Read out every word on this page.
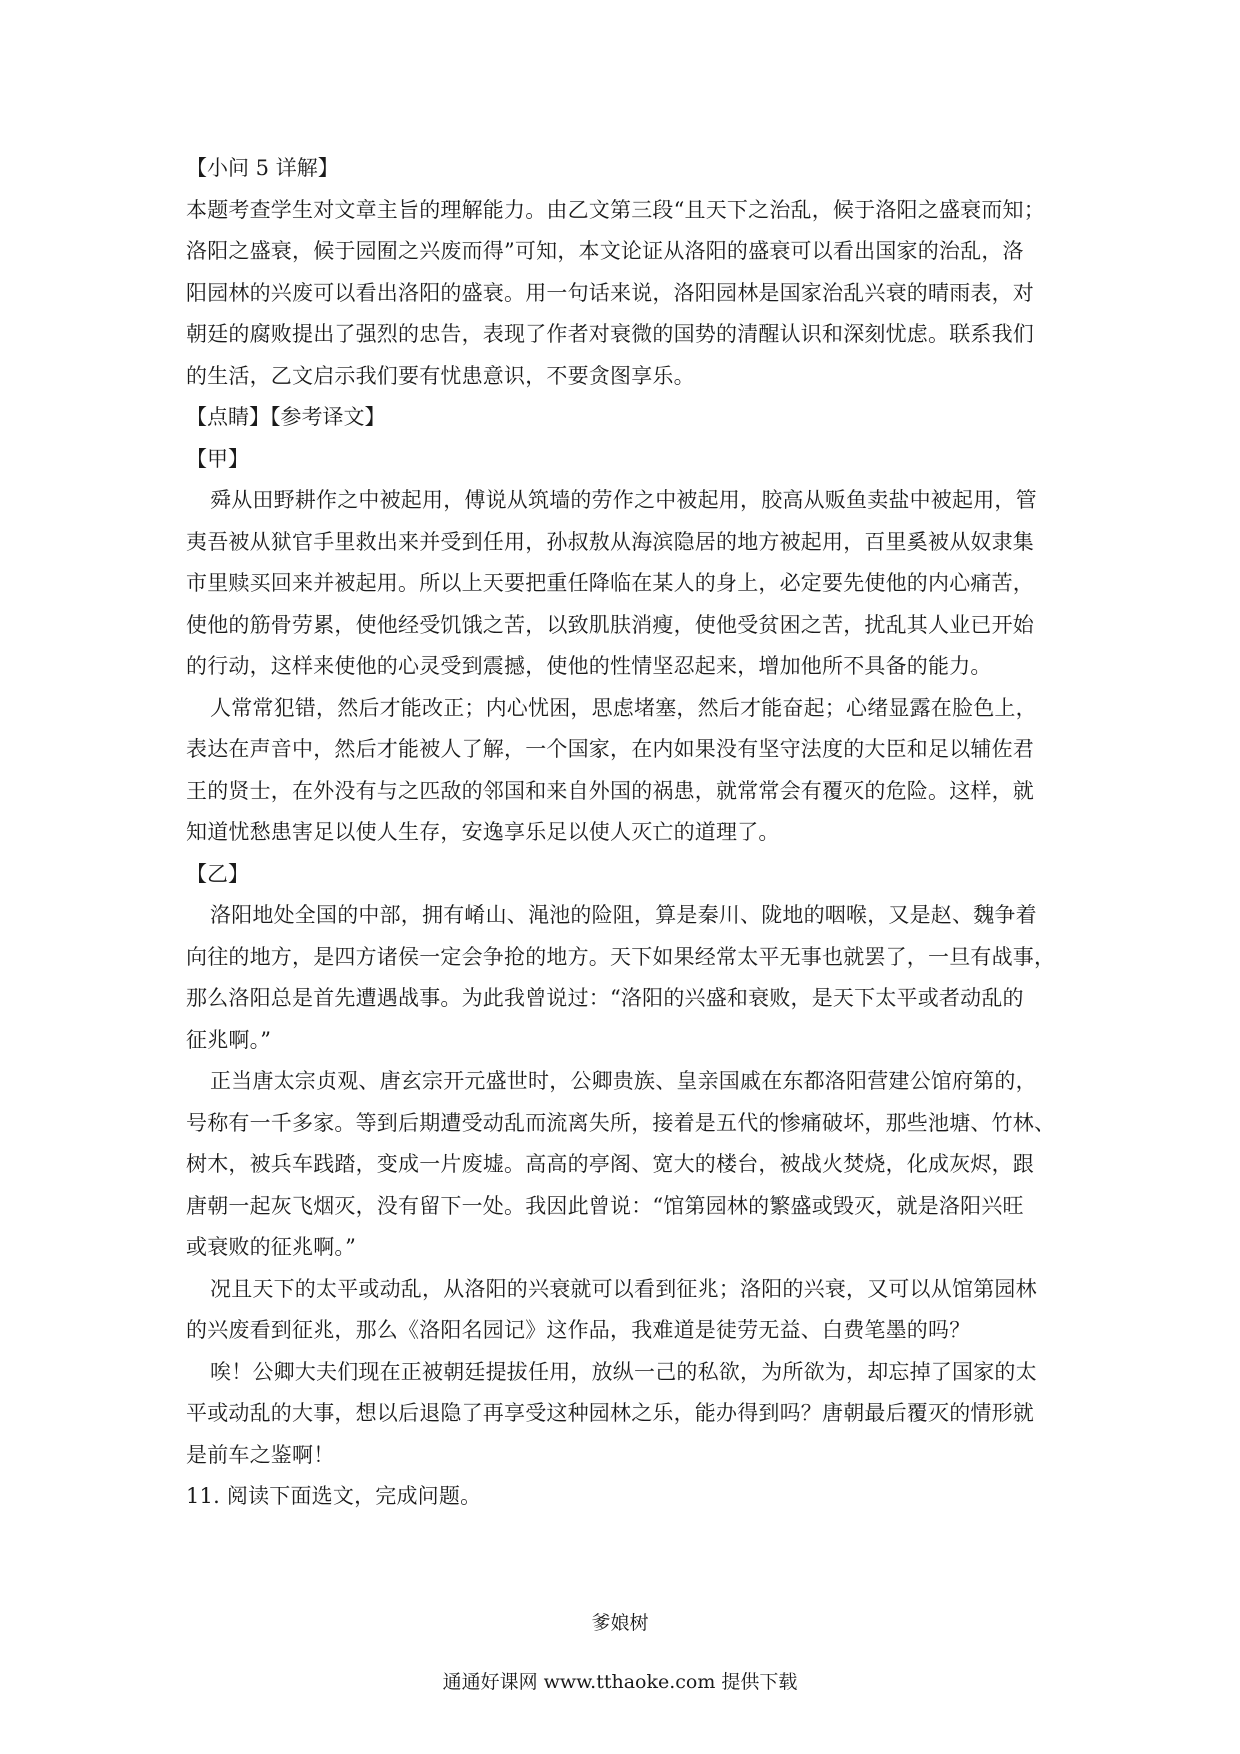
【小问 5 详解】
本题考查学生对文章主旨的理解能力。由乙文第三段“且天下之治乱，候于洛阳之盛衰而知；
洛阳之盛衰，候于园囿之兴废而得”可知，本文论证从洛阳的盛衰可以看出国家的治乱，洛
阳园林的兴废可以看出洛阳的盛衰。用一句话来说，洛阳园林是国家治乱兴衰的晴雨表，对
朝廷的腐败提出了强烈的忠告，表现了作者对衰微的国势的清醒认识和深刻忧虑。联系我们
的生活，乙文启示我们要有忧患意识，不要贪图享乐。
【点睛】【参考译文】
【甲】
舜从田野耕作之中被起用，傅说从筑墙的劳作之中被起用，胶高从贩鱼卖盐中被起用，管
夷吾被从狱官手里救出来并受到任用，孙叔敖从海滨隐居的地方被起用，百里奚被从奴隶集
市里赎买回来并被起用。所以上天要把重任降临在某人的身上，必定要先使他的内心痛苦，
使他的筋骨劳累，使他经受饥饿之苦，以致肌肤消瘦，使他受贫困之苦，扰乱其人业已开始
的行动，这样来使他的心灵受到震撼，使他的性情坚忍起来，增加他所不具备的能力。
人常常犯错，然后才能改正；内心忧困，思虑堵塞，然后才能奋起；心绪显露在脸色上，
表达在声音中，然后才能被人了解，一个国家，在内如果没有坚守法度的大臣和足以辅佐君
王的贤士，在外没有与之匹敌的邻国和来自外国的祸患，就常常会有覆灭的危险。这样，就
知道忧愁患害足以使人生存，安逸享乐足以使人灭亡的道理了。
【乙】
洛阳地处全国的中部，拥有崤山、渑池的险阻，算是秦川、陇地的咽喉，又是赵、魏争着
向往的地方，是四方诸侯一定会争抢的地方。天下如果经常太平无事也就罢了，一旦有战事，
那么洛阳总是首先遭遇战事。为此我曾说过：“洛阳的兴盛和衰败，是天下太平或者动乱的
征兆啊。”
正当唐太宗贞观、唐玄宗开元盛世时，公卿贵族、皇亲国戚在东都洛阳营建公馆府第的，
号称有一千多家。等到后期遭受动乱而流离失所，接着是五代的惨痛破坏，那些池塘、竹林、
树木，被兵车践踏，变成一片废墟。高高的亭阁、宽大的楼台，被战火焚烧，化成灰烬，跟
唐朝一起灰飞烟灭，没有留下一处。我因此曾说：“馆第园林的繁盛或毁灭，就是洛阳兴旺
或衰败的征兆啊。”
况且天下的太平或动乱，从洛阳的兴衰就可以看到征兆；洛阳的兴衰，又可以从馆第园林
的兴废看到征兆，那么《洛阳名园记》这作品，我难道是徒劳无益、白费笔墨的吗？
唉！公卿大夫们现在正被朝廷提拔任用，放纵一己的私欲，为所欲为，却忘掉了国家的太
平或动乱的大事，想以后退隐了再享受这种园林之乐，能办得到吗？唐朝最后覆灭的情形就
是前车之鉴啊！
11. 阅读下面选文，完成问题。
爹娘树
通通好课网 www.tthaoke.com 提供下载
